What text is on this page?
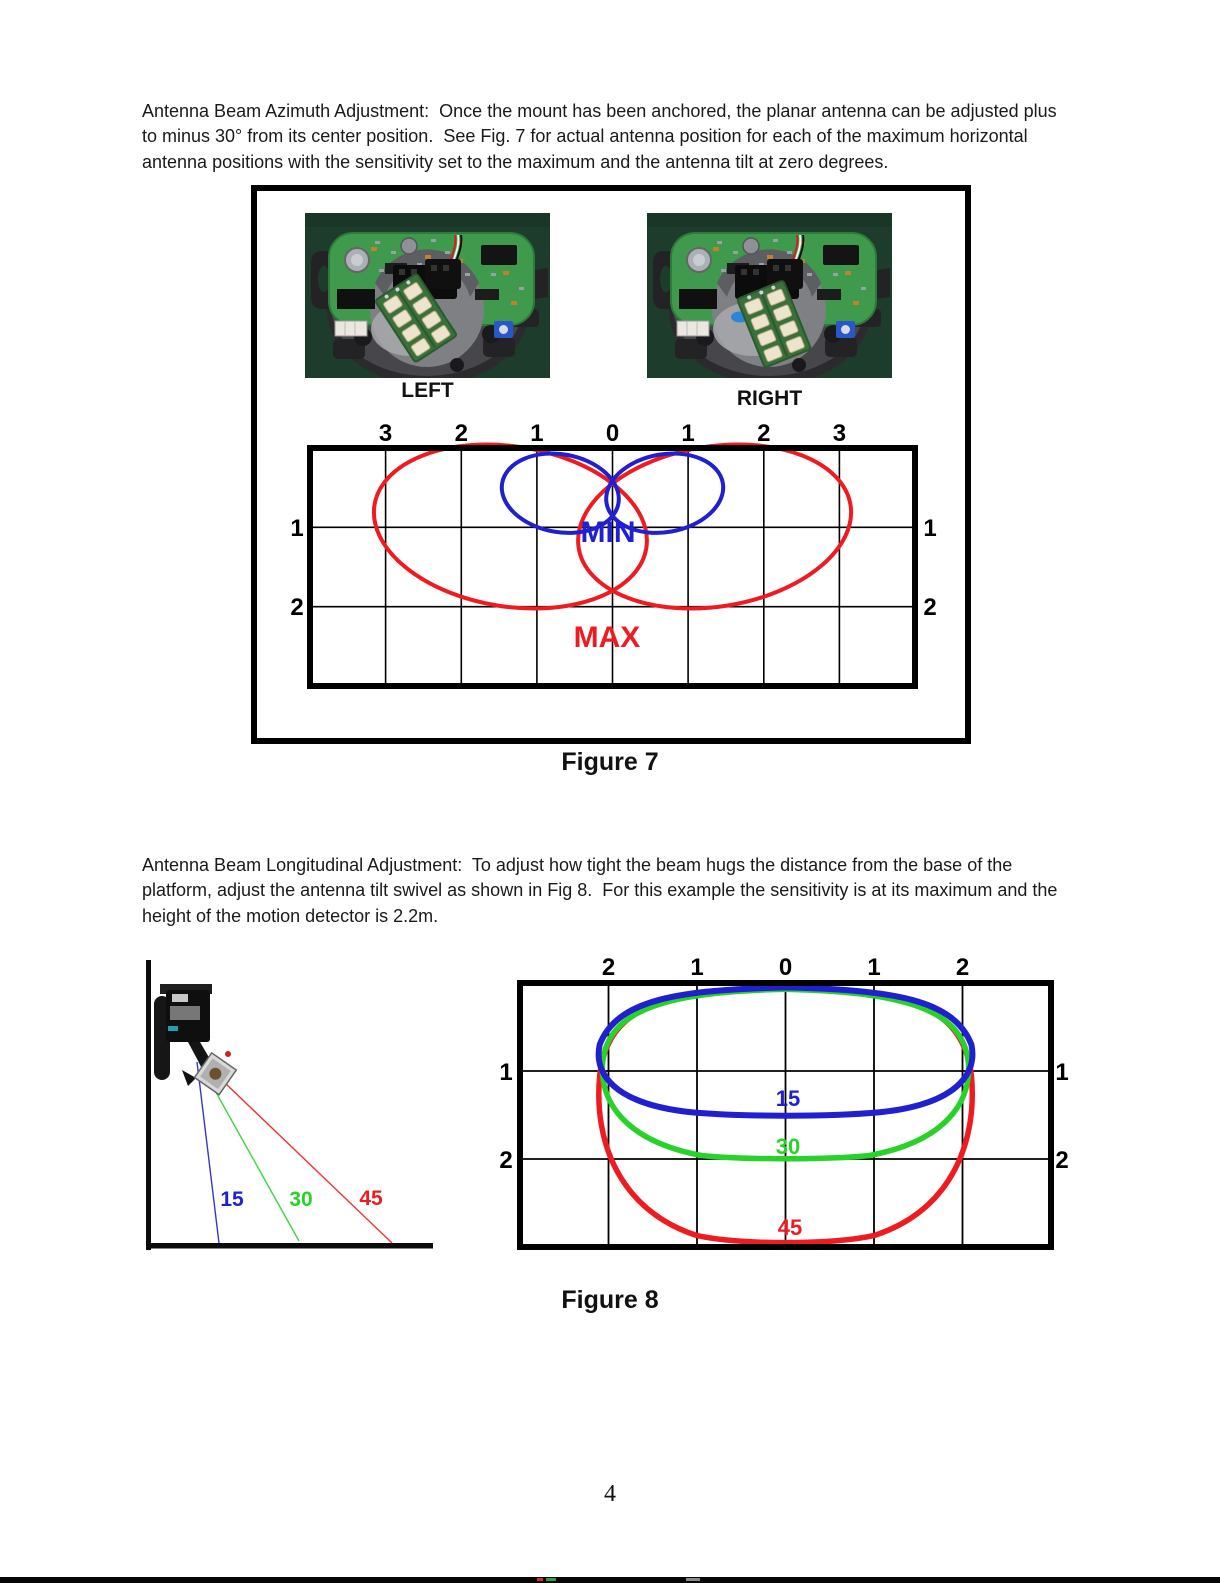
Antenna Beam Azimuth Adjustment:  Once the mount has been anchored, the planar antenna can be adjusted plus
to minus 30° from its center position.  See Fig. 7 for actual antenna position for each of the maximum horizontal
antenna positions with the sensitivity set to the maximum and the antenna tilt at zero degrees.
LEFT	RIGHT
3	2	1	0	1	2	3
1
2
1
2
MIN
MAX
Figure 7
Antenna Beam Longitudinal Adjustment:  To adjust how tight the beam hugs the distance from the base of the
platform, adjust the antenna tilt swivel as shown in Fig 8.  For this example the sensitivity is at its maximum and the
height of the motion detector is 2.2m.
15 30 45
2	1	0	1	2
1
2
1
2
15
30
45
Figure 8
4
